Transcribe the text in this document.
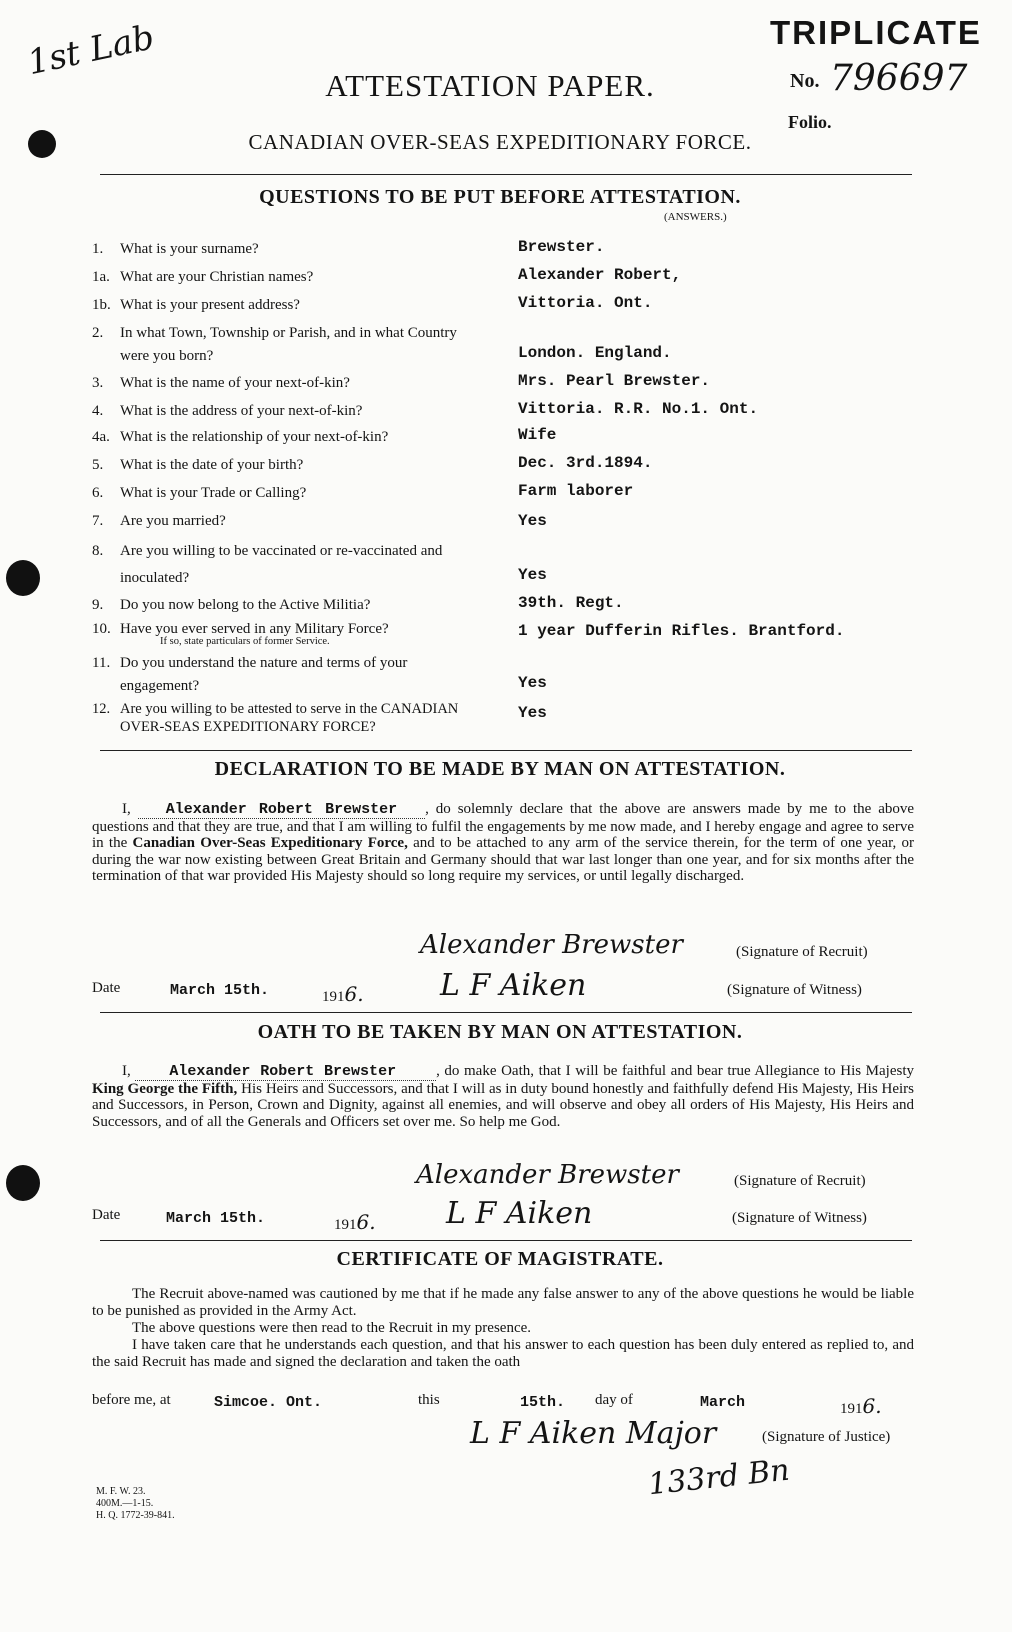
1st Lab	TRIPLICATE
No. 796697
Folio.
ATTESTATION PAPER.
CANADIAN OVER-SEAS EXPEDITIONARY FORCE.
QUESTIONS TO BE PUT BEFORE ATTESTATION.
(ANSWERS.)
1.	What is your surname?	Brewster.
1a. What are your Christian names?	Alexander Robert,
1b. What is your present address?	Vittoria. Ont.
2.	In what Town, Township or Parish, and in what Country were you born?	London. England.
3.	What is the name of your next-of-kin?	Mrs. Pearl Brewster.
4.	What is the address of your next-of-kin?	Vittoria. R.R. No.1. Ont.
4a. What is the relationship of your next-of-kin?	Wife
5.	What is the date of your birth?	Dec. 3rd.1894.
6.	What is your Trade or Calling?	Farm laborer
7.	Are you married?	Yes
8.	Are you willing to be vaccinated or re-vaccinated and inoculated?	Yes
9.	Do you now belong to the Active Militia?	39th. Regt.
10. Have you ever served in any Military Force?
If so, state particulars of former Service.
1 year Dufferin Rifles. Brantford.
11. Do you understand the nature and terms of your engagement?	Yes
12. Are you willing to be attested to serve in the CANADIAN OVER-SEAS EXPEDITIONARY FORCE?
Yes
DECLARATION TO BE MADE BY MAN ON ATTESTATION.
I, Alexander Robert Brewster , do solemnly declare that the above are answers made by me to the above questions and that they are true, and that I am willing to fulfil the engagements by me now made, and I hereby engage and agree to serve in the Canadian Over-Seas Expeditionary Force, and to be attached to any arm of the service therein, for the term of one year, or during the war now existing between Great Britain and Germany should that war last longer than one year, and for six months after the termination of that war provided His Majesty should so long require my services, or until legally discharged.
Alexander Brewster	(Signature of Recruit)
Date	March 15th.	1916.	L F Aiken	(Signature of Witness)
OATH TO BE TAKEN BY MAN ON ATTESTATION.
I,	Alexander Robert Brewster	, do make Oath, that I will be faithful and bear true Allegiance to His Majesty King George the Fifth, His Heirs and Successors, and that I will as in duty bound honestly and faithfully defend His Majesty, His Heirs and Successors, in Person, Crown and Dignity, against all enemies, and will observe and obey all orders of His Majesty, His Heirs and Successors, and of all the Generals and Officers set over me. So help me God.
Alexander Brewster	(Signature of Recruit)
Date	March 15th.	1916. L F Aiken	(Signature of Witness)
CERTIFICATE OF MAGISTRATE.
The Recruit above-named was cautioned by me that if he made any false answer to any of the above questions he would be liable to be punished as provided in the Army Act.
The above questions were then read to the Recruit in my presence.
I have taken care that he understands each question, and that his answer to each question has been duly entered as replied to, and the said Recruit has made and signed the declaration and taken the oath
before me, at	Simcoe. Ont.	this	15th. day of	March	1916.
L F Aiken Major	(Signature of Justice)
133rd Bn
M. F. W. 23.
400M.—1-15.
H. Q. 1772-39-841.
